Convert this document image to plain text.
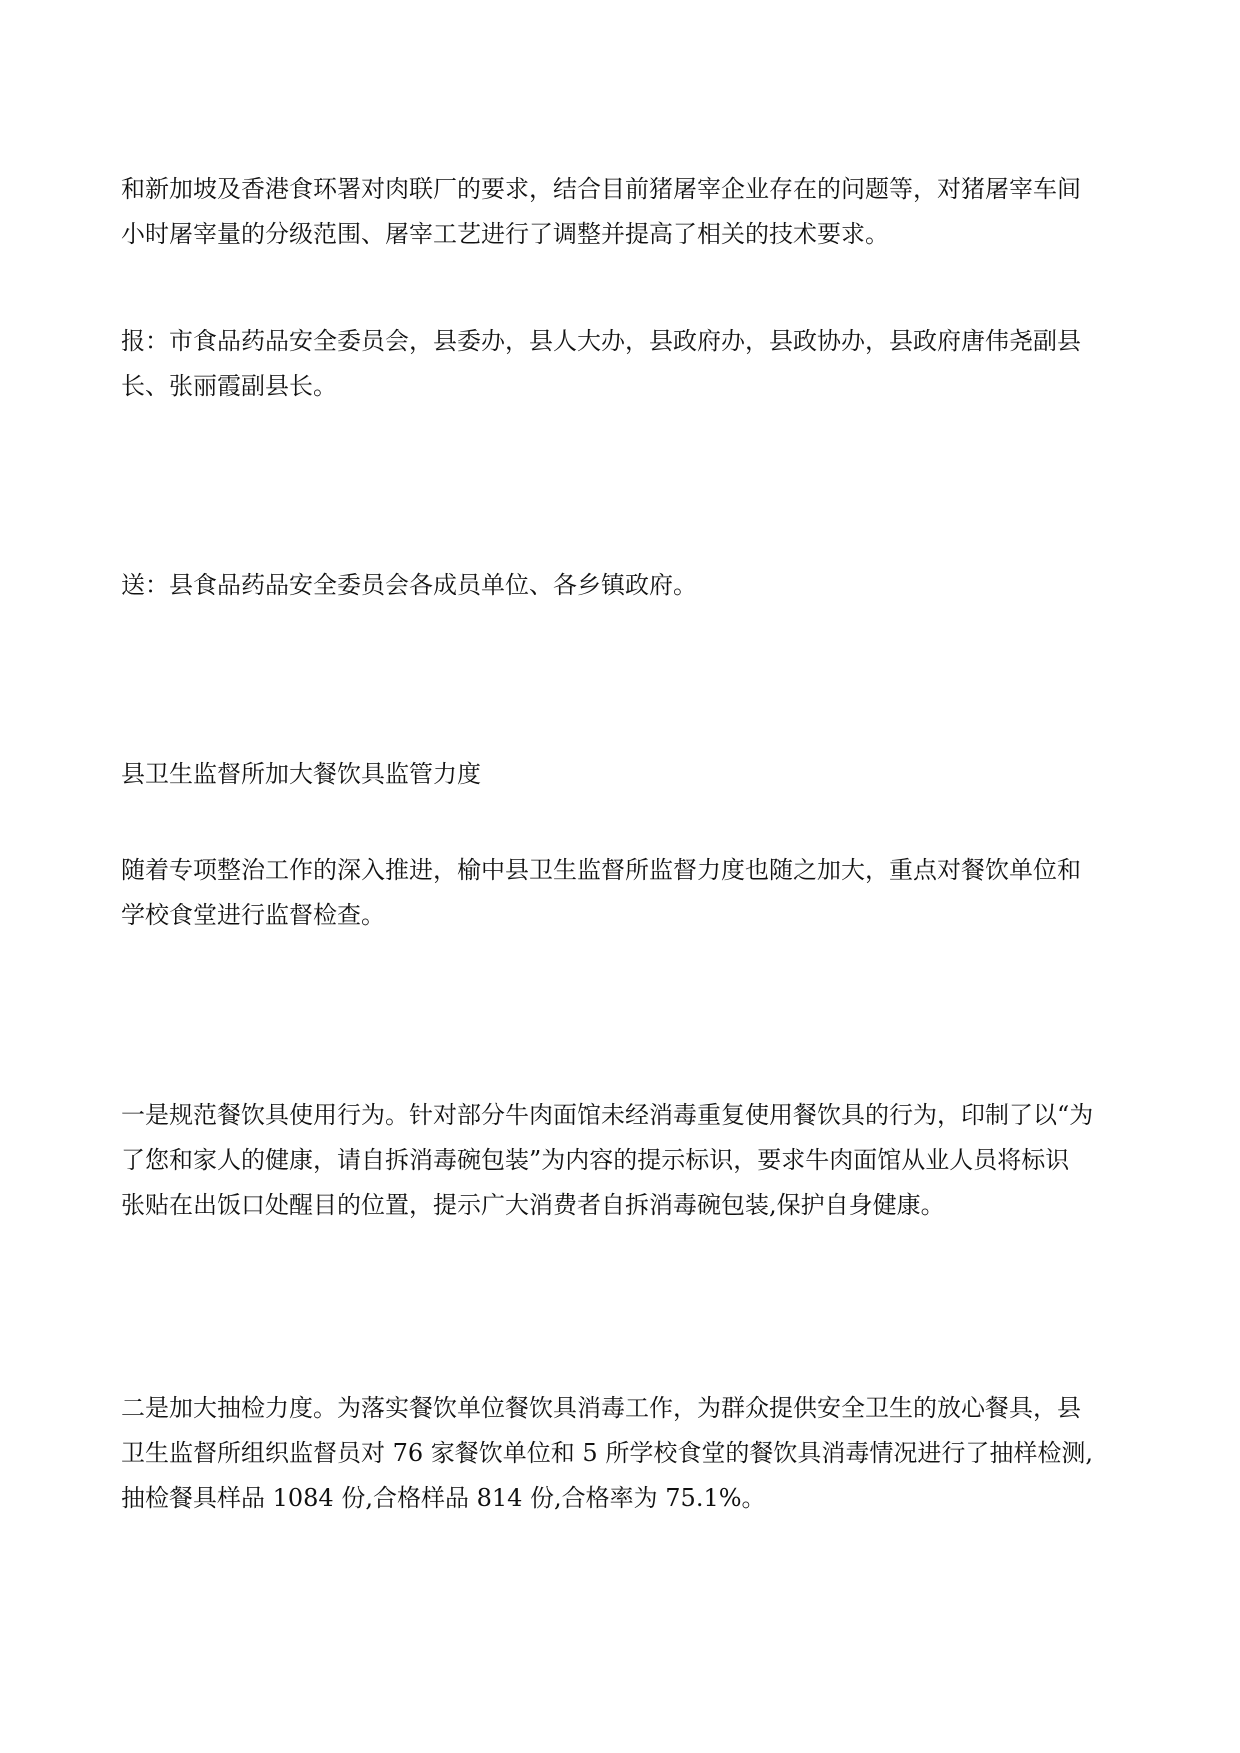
和新加坡及香港食环署对肉联厂的要求，结合目前猪屠宰企业存在的问题等，对猪屠宰车间
小时屠宰量的分级范围、屠宰工艺进行了调整并提高了相关的技术要求。
报：市食品药品安全委员会，县委办，县人大办，县政府办，县政协办，县政府唐伟尧副县
长、张丽霞副县长。
送：县食品药品安全委员会各成员单位、各乡镇政府。
县卫生监督所加大餐饮具监管力度
随着专项整治工作的深入推进，榆中县卫生监督所监督力度也随之加大，重点对餐饮单位和
学校食堂进行监督检查。
一是规范餐饮具使用行为。针对部分牛肉面馆未经消毒重复使用餐饮具的行为，印制了以“为
了您和家人的健康，请自拆消毒碗包装”为内容的提示标识，要求牛肉面馆从业人员将标识
张贴在出饭口处醒目的位置，提示广大消费者自拆消毒碗包装,保护自身健康。
二是加大抽检力度。为落实餐饮单位餐饮具消毒工作，为群众提供安全卫生的放心餐具，县
卫生监督所组织监督员对 76 家餐饮单位和 5 所学校食堂的餐饮具消毒情况进行了抽样检测,
抽检餐具样品 1084 份,合格样品 814 份,合格率为 75.1%。
